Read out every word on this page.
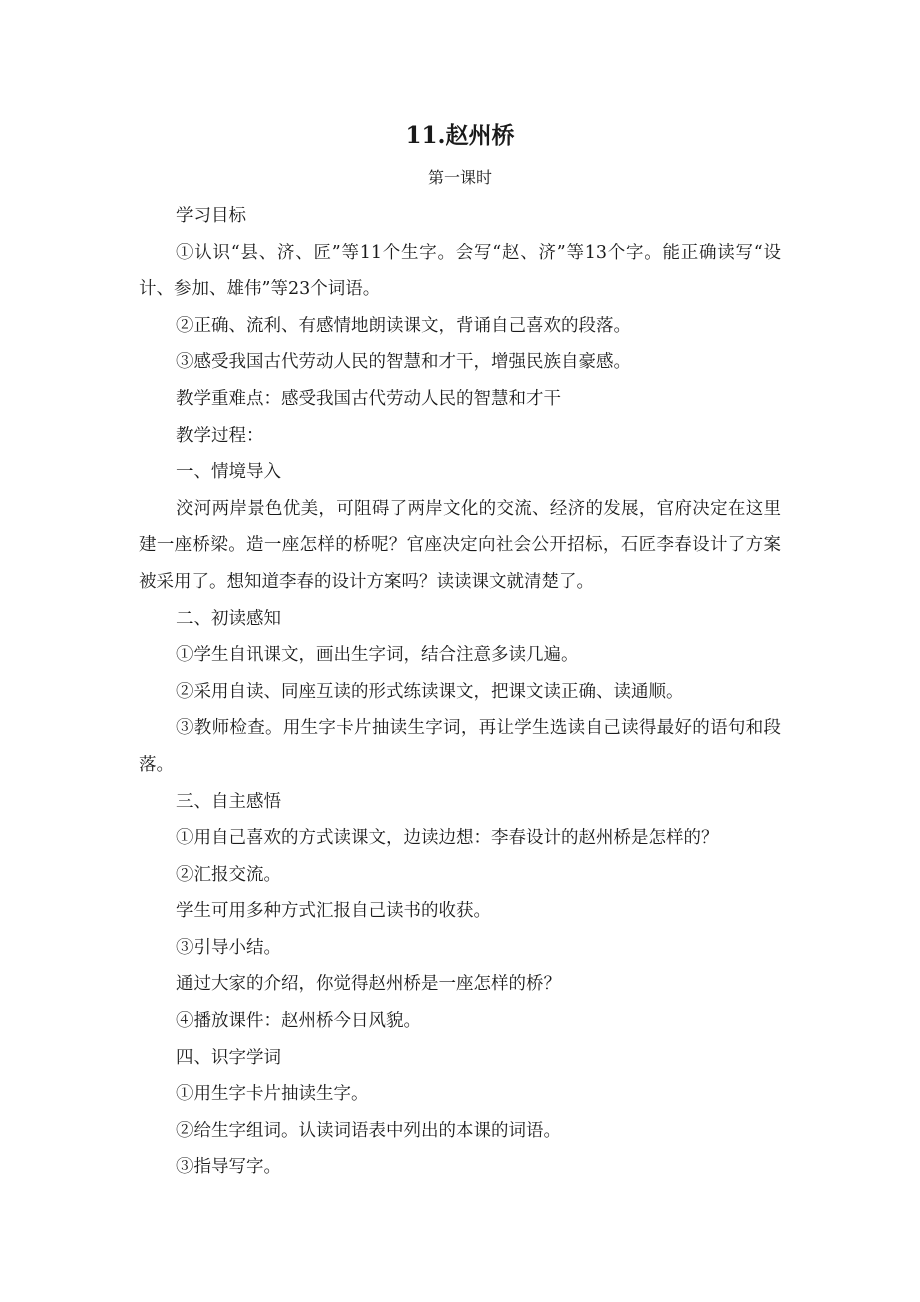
11.赵州桥
第一课时

学习目标

①认识“县、济、匠”等11个生字。会写“赵、济”等13个字。能正确读写“设计、参加、雄伟”等23个词语。

②正确、流利、有感情地朗读课文，背诵自己喜欢的段落。

③感受我国古代劳动人民的智慧和才干，增强民族自豪感。

教学重难点：感受我国古代劳动人民的智慧和才干

教学过程：

一、情境导入

洨河两岸景色优美，可阻碍了两岸文化的交流、经济的发展，官府决定在这里建一座桥梁。造一座怎样的桥呢？官座决定向社会公开招标，石匠李春设计了方案被采用了。想知道李春的设计方案吗？读读课文就清楚了。

二、初读感知

①学生自讯课文，画出生字词，结合注意多读几遍。

②采用自读、同座互读的形式练读课文，把课文读正确、读通顺。

③教师检查。用生字卡片抽读生字词，再让学生选读自己读得最好的语句和段落。

三、自主感悟

①用自己喜欢的方式读课文，边读边想：李春设计的赵州桥是怎样的？

②汇报交流。

学生可用多种方式汇报自己读书的收获。

③引导小结。

通过大家的介绍，你觉得赵州桥是一座怎样的桥？

④播放课件：赵州桥今日风貌。

四、识字学词

①用生字卡片抽读生字。

②给生字组词。认读词语表中列出的本课的词语。

③指导写字。
